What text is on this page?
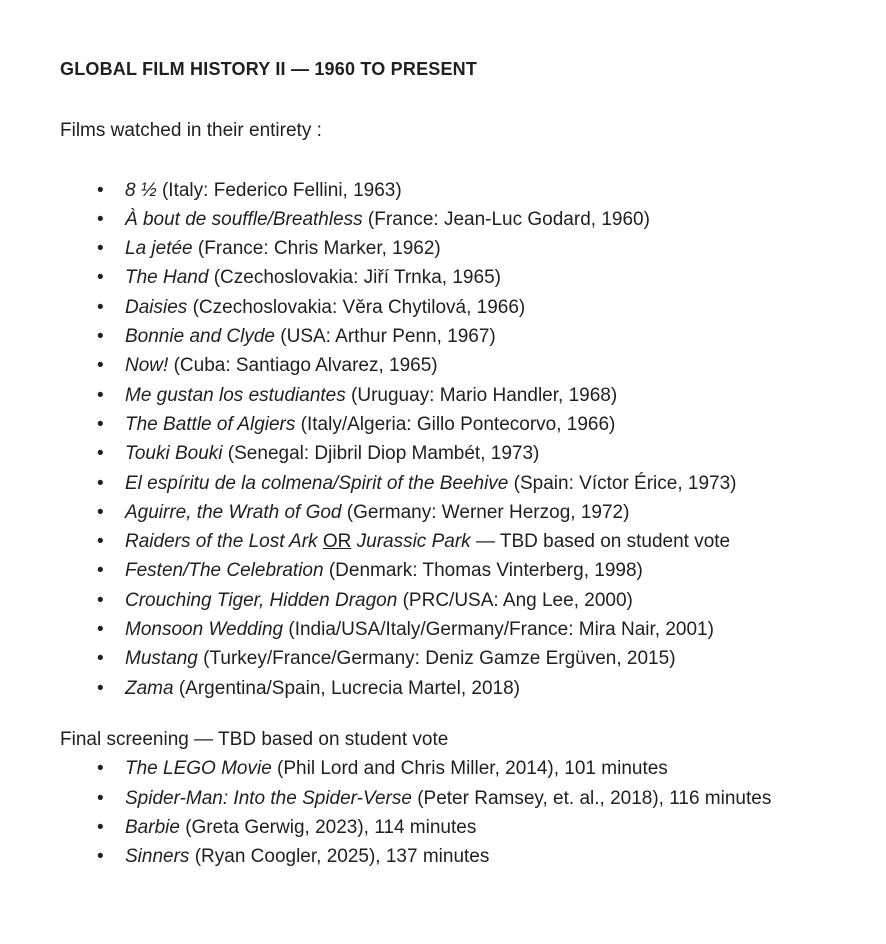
GLOBAL FILM HISTORY II — 1960 TO PRESENT

Films watched in their entirety :

• 8 ½ (Italy: Federico Fellini, 1963)
• À bout de souffle/Breathless (France: Jean-Luc Godard, 1960)
• La jetée (France: Chris Marker, 1962)
• The Hand (Czechoslovakia: Jiří Trnka, 1965)
• Daisies (Czechoslovakia: Věra Chytilová, 1966)
• Bonnie and Clyde (USA: Arthur Penn, 1967)
• Now! (Cuba: Santiago Alvarez, 1965)
• Me gustan los estudiantes (Uruguay: Mario Handler, 1968)
• The Battle of Algiers (Italy/Algeria: Gillo Pontecorvo, 1966)
• Touki Bouki (Senegal: Djibril Diop Mambét, 1973)
• El espíritu de la colmena/Spirit of the Beehive (Spain: Víctor Érice, 1973)
• Aguirre, the Wrath of God (Germany: Werner Herzog, 1972)
• Raiders of the Lost Ark OR Jurassic Park — TBD based on student vote
• Festen/The Celebration (Denmark: Thomas Vinterberg, 1998)
• Crouching Tiger, Hidden Dragon (PRC/USA: Ang Lee, 2000)
• Monsoon Wedding (India/USA/Italy/Germany/France: Mira Nair, 2001)
• Mustang (Turkey/France/Germany: Deniz Gamze Ergüven, 2015)
• Zama (Argentina/Spain, Lucrecia Martel, 2018)

Final screening — TBD based on student vote

• The LEGO Movie (Phil Lord and Chris Miller, 2014), 101 minutes
• Spider-Man: Into the Spider-Verse (Peter Ramsey, et. al., 2018), 116 minutes
• Barbie (Greta Gerwig, 2023), 114 minutes
• Sinners (Ryan Coogler, 2025), 137 minutes
